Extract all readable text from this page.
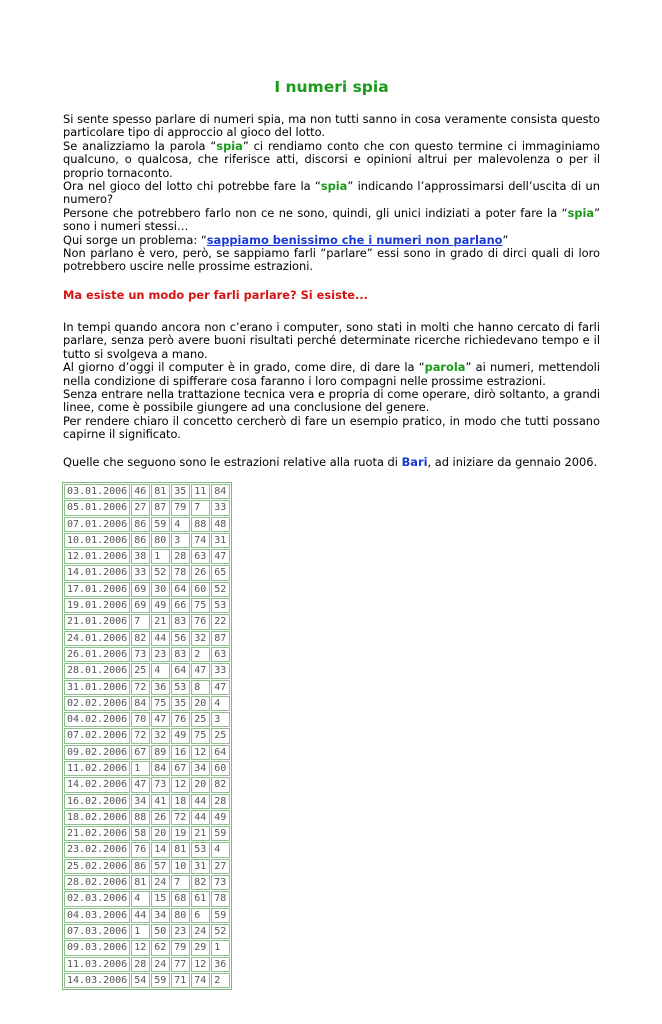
I numeri spia

Si sente spesso parlare di numeri spia, ma non tutti sanno in cosa veramente consista questo particolare tipo di approccio al gioco del lotto.
Se analizziamo la parola “spia” ci rendiamo conto che con questo termine ci immaginiamo qualcuno, o qualcosa, che riferisce atti, discorsi e opinioni altrui per malevolenza o per il proprio tornaconto.
Ora nel gioco del lotto chi potrebbe fare la “spia” indicando l’approssimarsi dell’uscita di un numero?
Persone che potrebbero farlo non ce ne sono, quindi, gli unici indiziati a poter fare la “spia” sono i numeri stessi…
Qui sorge un problema: “sappiamo benissimo che i numeri non parlano”
Non parlano è vero, però, se sappiamo farli “parlare” essi sono in grado di dirci quali di loro potrebbero uscire nelle prossime estrazioni.

Ma esiste un modo per farli parlare? Si esiste...

In tempi quando ancora non c’erano i computer, sono stati in molti che hanno cercato di farli parlare, senza però avere buoni risultati perché determinate ricerche richiedevano tempo e il tutto si svolgeva a mano.
Al giorno d’oggi il computer è in grado, come dire, di dare la “parola” ai numeri, mettendoli nella condizione di spifferare cosa faranno i loro compagni nelle prossime estrazioni.
Senza entrare nella trattazione tecnica vera e propria di come operare, dirò soltanto, a grandi linee, come è possibile giungere ad una conclusione del genere.
Per rendere chiaro il concetto cercherò di fare un esempio pratico, in modo che tutti possano capirne il significato.

Quelle che seguono sono le estrazioni relative alla ruota di Bari, ad iniziare da gennaio 2006.

03.01.2006	46	81	35	11	84
05.01.2006	27	87	79	7	33
07.01.2006	86	59	4	88	48
10.01.2006	86	80	3	74	31
12.01.2006	38	1	28	63	47
14.01.2006	33	52	78	26	65
17.01.2006	69	30	64	60	52
19.01.2006	69	49	66	75	53
21.01.2006	7	21	83	76	22
24.01.2006	82	44	56	32	87
26.01.2006	73	23	83	2	63
28.01.2006	25	4	64	47	33
31.01.2006	72	36	53	8	47
02.02.2006	84	75	35	20	4
04.02.2006	70	47	76	25	3
07.02.2006	72	32	49	75	25
09.02.2006	67	89	16	12	64
11.02.2006	1	84	67	34	60
14.02.2006	47	73	12	20	82
16.02.2006	34	41	18	44	28
18.02.2006	88	26	72	44	49
21.02.2006	58	20	19	21	59
23.02.2006	76	14	81	53	4
25.02.2006	86	57	10	31	27
28.02.2006	81	24	7	82	73
02.03.2006	4	15	68	61	78
04.03.2006	44	34	80	6	59
07.03.2006	1	50	23	24	52
09.03.2006	12	62	79	29	1
11.03.2006	28	24	77	12	36
14.03.2006	54	59	71	74	2
